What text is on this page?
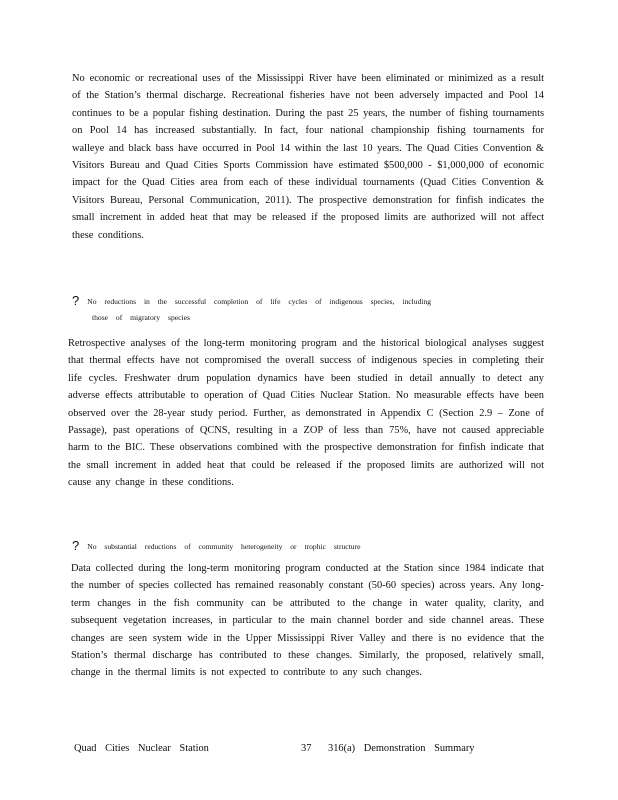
No economic or recreational uses of the Mississippi River have been eliminated or minimized as a result of the Station’s thermal discharge. Recreational fisheries have not been adversely impacted and Pool 14 continues to be a popular fishing destination. During the past 25 years, the number of fishing tournaments on Pool 14 has increased substantially. In fact, four national championship fishing tournaments for walleye and black bass have occurred in Pool 14 within the last 10 years. The Quad Cities Convention & Visitors Bureau and Quad Cities Sports Commission have estimated $500,000 - $1,000,000 of economic impact for the Quad Cities area from each of these individual tournaments (Quad Cities Convention & Visitors Bureau, Personal Communication, 2011). The prospective demonstration for finfish indicates the small increment in added heat that may be released if the proposed limits are authorized will not affect these conditions.

? No reductions in the successful completion of life cycles of indigenous species, including
those of migratory species

Retrospective analyses of the long-term monitoring program and the historical biological analyses suggest that thermal effects have not compromised the overall success of indigenous species in completing their life cycles. Freshwater drum population dynamics have been studied in detail annually to detect any adverse effects attributable to operation of Quad Cities Nuclear Station. No measurable effects have been observed over the 28-year study period. Further, as demonstrated in Appendix C (Section 2.9 – Zone of Passage), past operations of QCNS, resulting in a ZOP of less than 75%, have not caused appreciable harm to the BIC. These observations combined with the prospective demonstration for finfish indicate that the small increment in added heat that could be released if the proposed limits are authorized will not cause any change in these conditions.

? No substantial reductions of community heterogeneity or trophic structure

Data collected during the long-term monitoring program conducted at the Station since 1984 indicate that the number of species collected has remained reasonably constant (50-60 species) across years. Any long-term changes in the fish community can be attributed to the change in water quality, clarity, and subsequent vegetation increases, in particular to the main channel border and side channel areas. These changes are seen system wide in the Upper Mississippi River Valley and there is no evidence that the Station’s thermal discharge has contributed to these changes. Similarly, the proposed, relatively small, change in the thermal limits is not expected to contribute to any such changes.

Quad Cities Nuclear Station	37 316(a) Demonstration Summary
